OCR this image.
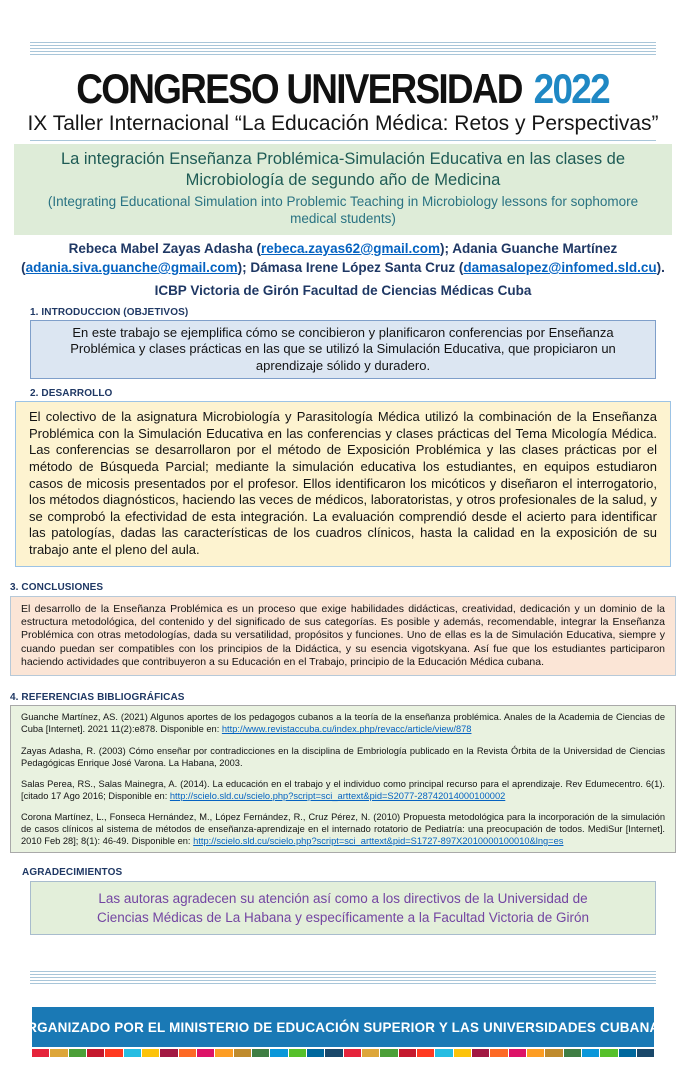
CONGRESO UNIVERSIDAD 2022
IX Taller Internacional “La Educación Médica: Retos y Perspectivas”
La integración Enseñanza Problémica-Simulación Educativa en las clases de Microbiología de segundo año de Medicina
(Integrating Educational Simulation into Problemic Teaching in Microbiology lessons for sophomore medical students)
Rebeca Mabel Zayas Adasha (rebeca.zayas62@gmail.com); Adania Guanche Martínez
(adania.siva.guanche@gmail.com); Dámasa Irene López Santa Cruz (damasalopez@infomed.sld.cu).
ICBP Victoria de Girón Facultad de Ciencias Médicas Cuba
1. INTRODUCCION (OBJETIVOS)
En este trabajo se ejemplifica cómo se concibieron y planificaron conferencias por Enseñanza Problémica y clases prácticas en las que se utilizó la Simulación Educativa, que propiciaron un aprendizaje sólido y duradero.
2. DESARROLLO
El colectivo de la asignatura Microbiología y Parasitología Médica utilizó la combinación de la Enseñanza Problémica con la Simulación Educativa en las conferencias y clases prácticas del Tema Micología Médica. Las conferencias se desarrollaron por el método de Exposición Problémica y las clases prácticas por el método de Búsqueda Parcial; mediante la simulación educativa los estudiantes, en equipos estudiaron casos de micosis presentados por el profesor. Ellos identificaron los micóticos y diseñaron el interrogatorio, los métodos diagnósticos, haciendo las veces de médicos, laboratoristas, y otros profesionales de la salud, y se comprobó la efectividad de esta integración. La evaluación comprendió desde el acierto para identificar las patologías, dadas las características de los cuadros clínicos, hasta la calidad en la exposición de su trabajo ante el pleno del aula.
3. CONCLUSIONES
El desarrollo de la Enseñanza Problémica es un proceso que exige habilidades didácticas, creatividad, dedicación y un dominio de la estructura metodológica, del contenido y del significado de sus categorías. Es posible y además, recomendable, integrar la Enseñanza Problémica con otras metodologías, dada su versatilidad, propósitos y funciones. Uno de ellas es la de Simulación Educativa, siempre y cuando puedan ser compatibles con los principios de la Didáctica, y su esencia vigotskyana. Así fue que los estudiantes participaron haciendo actividades que contribuyeron a su Educación en el Trabajo, principio de la Educación Médica cubana.
4. REFERENCIAS BIBLIOGRÁFICAS

Guanche Martínez, AS. (2021) Algunos aportes de los pedagogos cubanos a la teoría de la enseñanza problémica. Anales de la Academia de Ciencias de Cuba [Internet]. 2021 11(2):e878. Disponible en: http://www.revistaccuba.cu/index.php/revacc/article/view/878

Zayas Adasha, R. (2003) Cómo enseñar por contradicciones en la disciplina de Embriología publicado en la Revista Órbita de la Universidad de Ciencias Pedagógicas Enrique José Varona. La Habana, 2003.

Salas Perea, RS., Salas Mainegra, A. (2014). La educación en el trabajo y el individuo como principal recurso para el aprendizaje. Rev Edumecentro. 6(1). [citado 17 Ago 2016; Disponible en: http://scielo.sld.cu/scielo.php?script=sci_arttext&pid=S2077-28742014000100002

Corona Martínez, L., Fonseca Hernández, M., López Fernández, R., Cruz Pérez, N. (2010) Propuesta metodológica para la incorporación de la simulación de casos clínicos al sistema de métodos de enseñanza-aprendizaje en el internado rotatorio de Pediatría: una preocupación de todos. MediSur [Internet]. 2010 Feb 28]; 8(1): 46-49. Disponible en: http://scielo.sld.cu/scielo.php?script=sci_arttext&pid=S1727-897X2010000100010&lng=es

AGRADECIMIENTOS
Las autoras agradecen su atención así como a los directivos de la Universidad de Ciencias Médicas de La Habana y específicamente a la Facultad Victoria de Girón
ORGANIZADO POR EL MINISTERIO DE EDUCACIÓN SUPERIOR Y LAS UNIVERSIDADES CUBANAS
